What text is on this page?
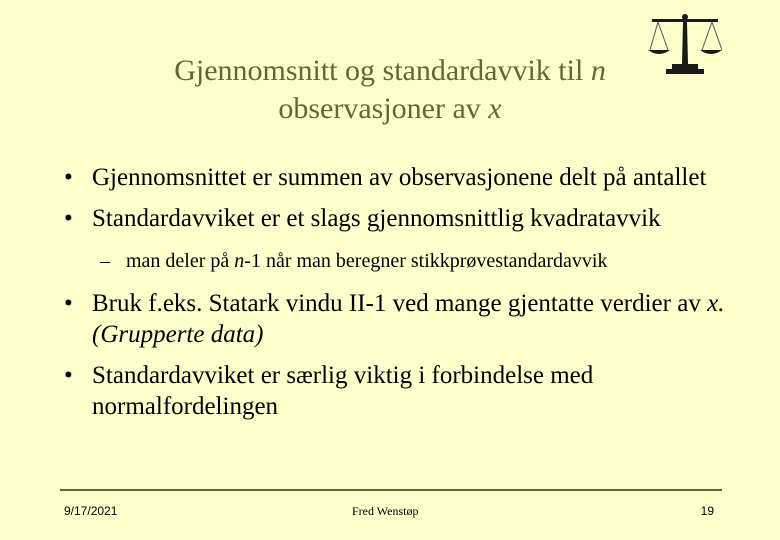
Gjennomsnitt og standardavvik til n
observasjoner av x
• Gjennomsnittet er summen av observasjonene delt på antallet
• Standardavviket er et slags gjennomsnittlig kvadratavvik
– man deler på n-1 når man beregner stikkprøvestandardavvik
• Bruk f.eks. Statark vindu II-1 ved mange gjentatte verdier av x. (Grupperte data)
• Standardavviket er særlig viktig i forbindelse med normalfordelingen
9/17/2021	Fred Wenstøp	19
